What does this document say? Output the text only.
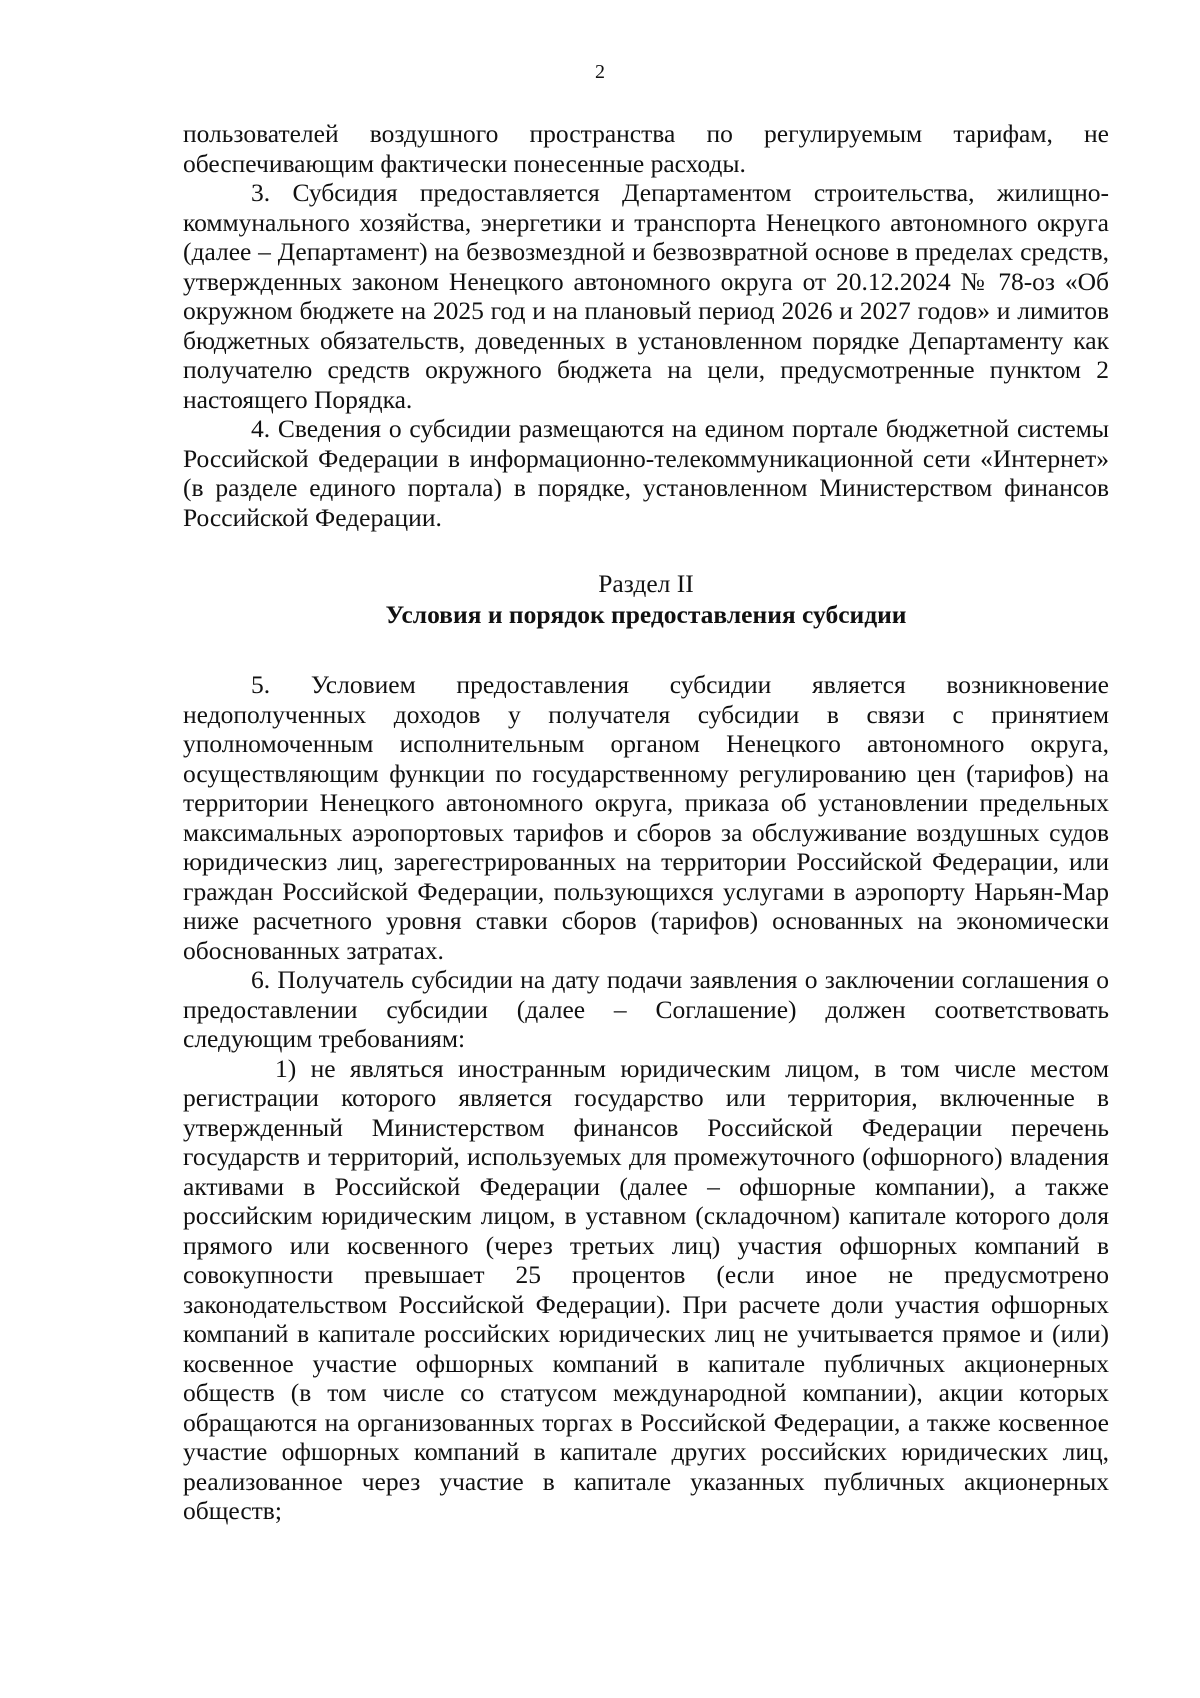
2

пользователей воздушного пространства по регулируемым тарифам, не обеспечивающим фактически понесенные расходы.

3. Субсидия предоставляется Департаментом строительства, жилищно-коммунального хозяйства, энергетики и транспорта Ненецкого автономного округа (далее – Департамент) на безвозмездной и безвозвратной основе в пределах средств, утвержденных законом Ненецкого автономного округа от 20.12.2024 № 78-оз «Об окружном бюджете на 2025 год и на плановый период 2026 и 2027 годов» и лимитов бюджетных обязательств, доведенных в установленном порядке Департаменту как получателю средств окружного бюджета на цели, предусмотренные пунктом 2 настоящего Порядка.

4. Сведения о субсидии размещаются на едином портале бюджетной системы Российской Федерации в информационно-телекоммуникационной сети «Интернет» (в разделе единого портала) в порядке, установленном Министерством финансов Российской Федерации.

Раздел II
Условия и порядок предоставления субсидии

5. Условием предоставления субсидии является возникновение недополученных доходов у получателя субсидии в связи с принятием уполномоченным исполнительным органом Ненецкого автономного округа, осуществляющим функции по государственному регулированию цен (тарифов) на территории Ненецкого автономного округа, приказа об установлении предельных максимальных аэропортовых тарифов и сборов за обслуживание воздушных судов юридическиз лиц, зарегестрированных на территории Российской Федерации, или граждан Российской Федерации, пользующихся услугами в аэропорту Нарьян-Мар ниже расчетного уровня ставки сборов (тарифов) основанных на экономически обоснованных затратах.

6. Получатель субсидии на дату подачи заявления о заключении соглашения о предоставлении субсидии (далее – Соглашение) должен соответствовать следующим требованиям:

1) не являться иностранным юридическим лицом, в том числе местом регистрации которого является государство или территория, включенные в утвержденный Министерством финансов Российской Федерации перечень государств и территорий, используемых для промежуточного (офшорного) владения активами в Российской Федерации (далее – офшорные компании), а также российским юридическим лицом, в уставном (складочном) капитале которого доля прямого или косвенного (через третьих лиц) участия офшорных компаний в совокупности превышает 25 процентов (если иное не предусмотрено законодательством Российской Федерации). При расчете доли участия офшорных компаний в капитале российских юридических лиц не учитывается прямое и (или) косвенное участие офшорных компаний в капитале публичных акционерных обществ (в том числе со статусом международной компании), акции которых обращаются на организованных торгах в Российской Федерации, а также косвенное участие офшорных компаний в капитале других российских юридических лиц, реализованное через участие в капитале указанных публичных акционерных обществ;
